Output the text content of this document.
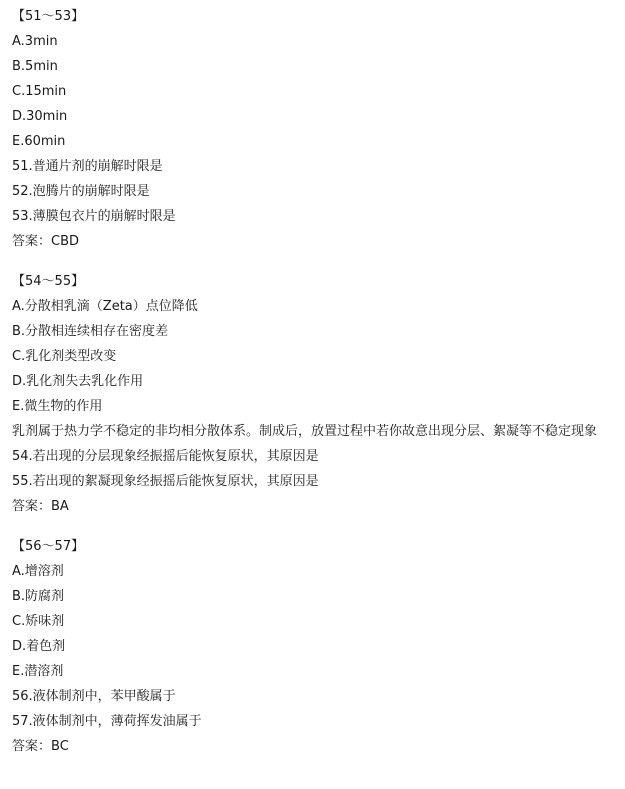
【51～53】
A.3min
B.5min
C.15min
D.30min
E.60min
51.普通片剂的崩解时限是
52.泡腾片的崩解时限是
53.薄膜包衣片的崩解时限是
答案：CBD
【54～55】
A.分散相乳滴（Zeta）点位降低
B.分散相连续相存在密度差
C.乳化剂类型改变
D.乳化剂失去乳化作用
E.微生物的作用
乳剂属于热力学不稳定的非均相分散体系。制成后，放置过程中若你故意出现分层、絮凝等不稳定现象
54.若出现的分层现象经振摇后能恢复原状，其原因是
55.若出现的絮凝现象经振摇后能恢复原状，其原因是
答案：BA
【56～57】
A.增溶剂
B.防腐剂
C.矫味剂
D.着色剂
E.潜溶剂
56.液体制剂中，苯甲酸属于
57.液体制剂中，薄荷挥发油属于
答案：BC
